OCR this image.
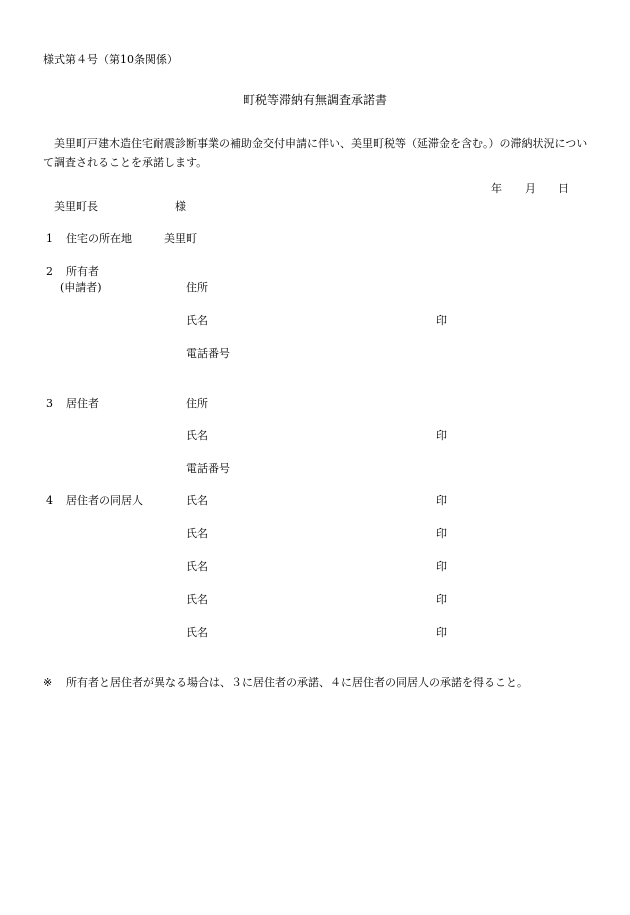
様式第４号（第10条関係）
町税等滞納有無調査承諾書
美里町戸建木造住宅耐震診断事業の補助金交付申請に伴い、美里町税等（延滞金を含む。）の滞納状況について調査されることを承諾します。
年 月 日
美里町長	様
1 住宅の所在地	美里町
2 所有者
(申請者)	住所
氏名	印
電話番号
3 居住者	住所
氏名	印
電話番号
4 居住者の同居人	氏名	印
氏名	印
氏名	印
氏名	印
氏名	印
※ 所有者と居住者が異なる場合は、３に居住者の承諾、４に居住者の同居人の承諾を得ること。
